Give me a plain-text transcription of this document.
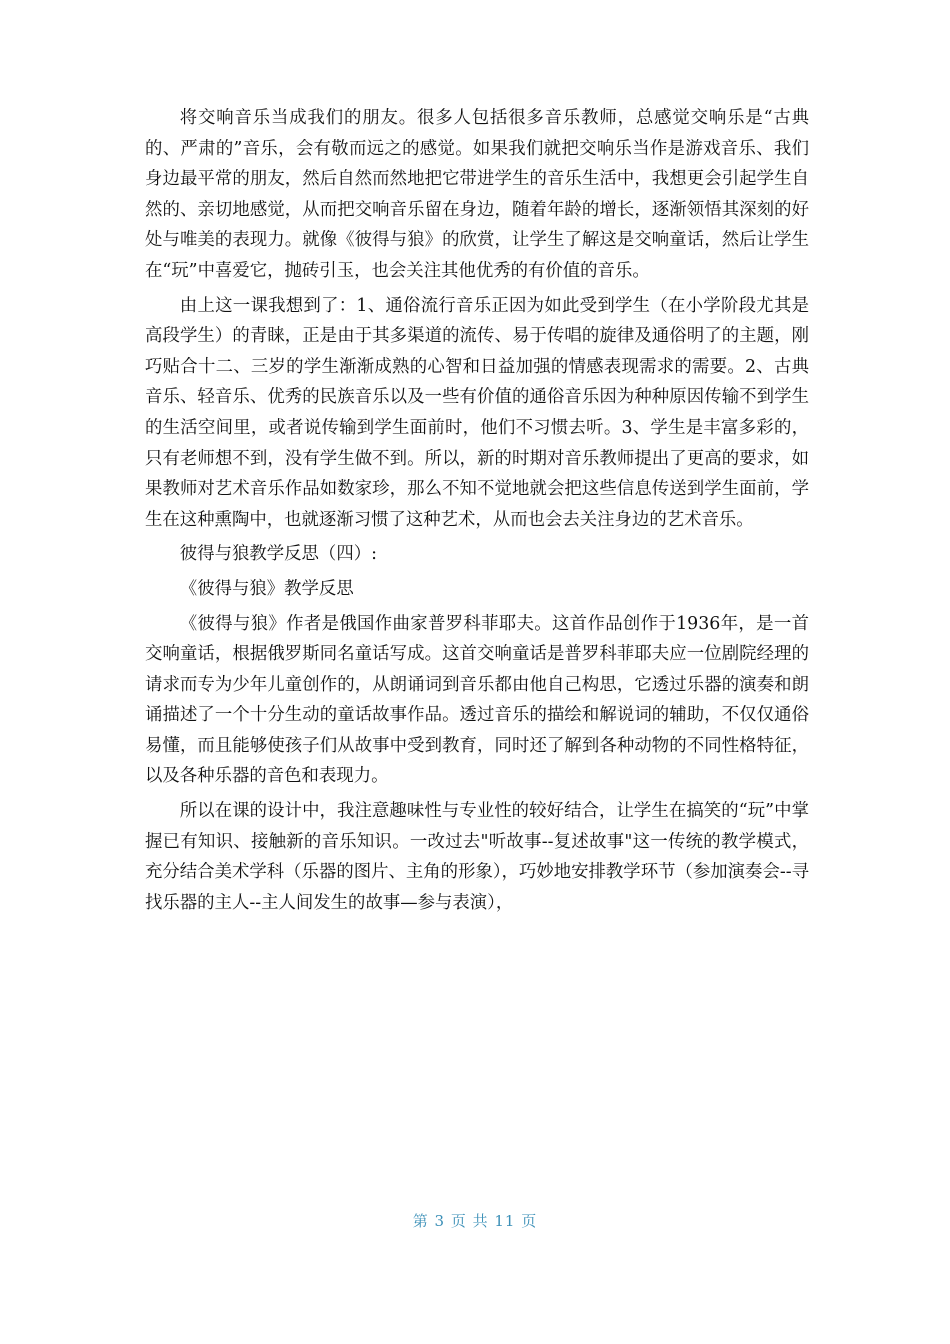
将交响音乐当成我们的朋友。很多人包括很多音乐教师，总感觉交响乐是“古典的、严肃的”音乐，会有敬而远之的感觉。如果我们就把交响乐当作是游戏音乐、我们身边最平常的朋友，然后自然而然地把它带进学生的音乐生活中，我想更会引起学生自然的、亲切地感觉，从而把交响音乐留在身边，随着年龄的增长，逐渐领悟其深刻的好处与唯美的表现力。就像《彼得与狼》的欣赏，让学生了解这是交响童话，然后让学生在“玩”中喜爱它，抛砖引玉，也会关注其他优秀的有价值的音乐。

由上这一课我想到了：1、通俗流行音乐正因为如此受到学生（在小学阶段尤其是高段学生）的青睐，正是由于其多渠道的流传、易于传唱的旋律及通俗明了的主题，刚巧贴合十二、三岁的学生渐渐成熟的心智和日益加强的情感表现需求的需要。2、古典音乐、轻音乐、优秀的民族音乐以及一些有价值的通俗音乐因为种种原因传输不到学生的生活空间里，或者说传输到学生面前时，他们不习惯去听。3、学生是丰富多彩的，只有老师想不到，没有学生做不到。所以，新的时期对音乐教师提出了更高的要求，如果教师对艺术音乐作品如数家珍，那么不知不觉地就会把这些信息传送到学生面前，学生在这种熏陶中，也就逐渐习惯了这种艺术，从而也会去关注身边的艺术音乐。

彼得与狼教学反思（四）:

《彼得与狼》教学反思

《彼得与狼》作者是俄国作曲家普罗科菲耶夫。这首作品创作于1936年，是一首交响童话，根据俄罗斯同名童话写成。这首交响童话是普罗科菲耶夫应一位剧院经理的请求而专为少年儿童创作的，从朗诵词到音乐都由他自己构思，它透过乐器的演奏和朗诵描述了一个十分生动的童话故事作品。透过音乐的描绘和解说词的辅助，不仅仅通俗易懂，而且能够使孩子们从故事中受到教育，同时还了解到各种动物的不同性格特征，以及各种乐器的音色和表现力。

所以在课的设计中，我注意趣味性与专业性的较好结合，让学生在搞笑的“玩”中掌握已有知识、接触新的音乐知识。一改过去"听故事--复述故事"这一传统的教学模式，充分结合美术学科（乐器的图片、主角的形象），巧妙地安排教学环节（参加演奏会--寻找乐器的主人--主人间发生的故事—参与表演），

第 3 页 共 11 页
